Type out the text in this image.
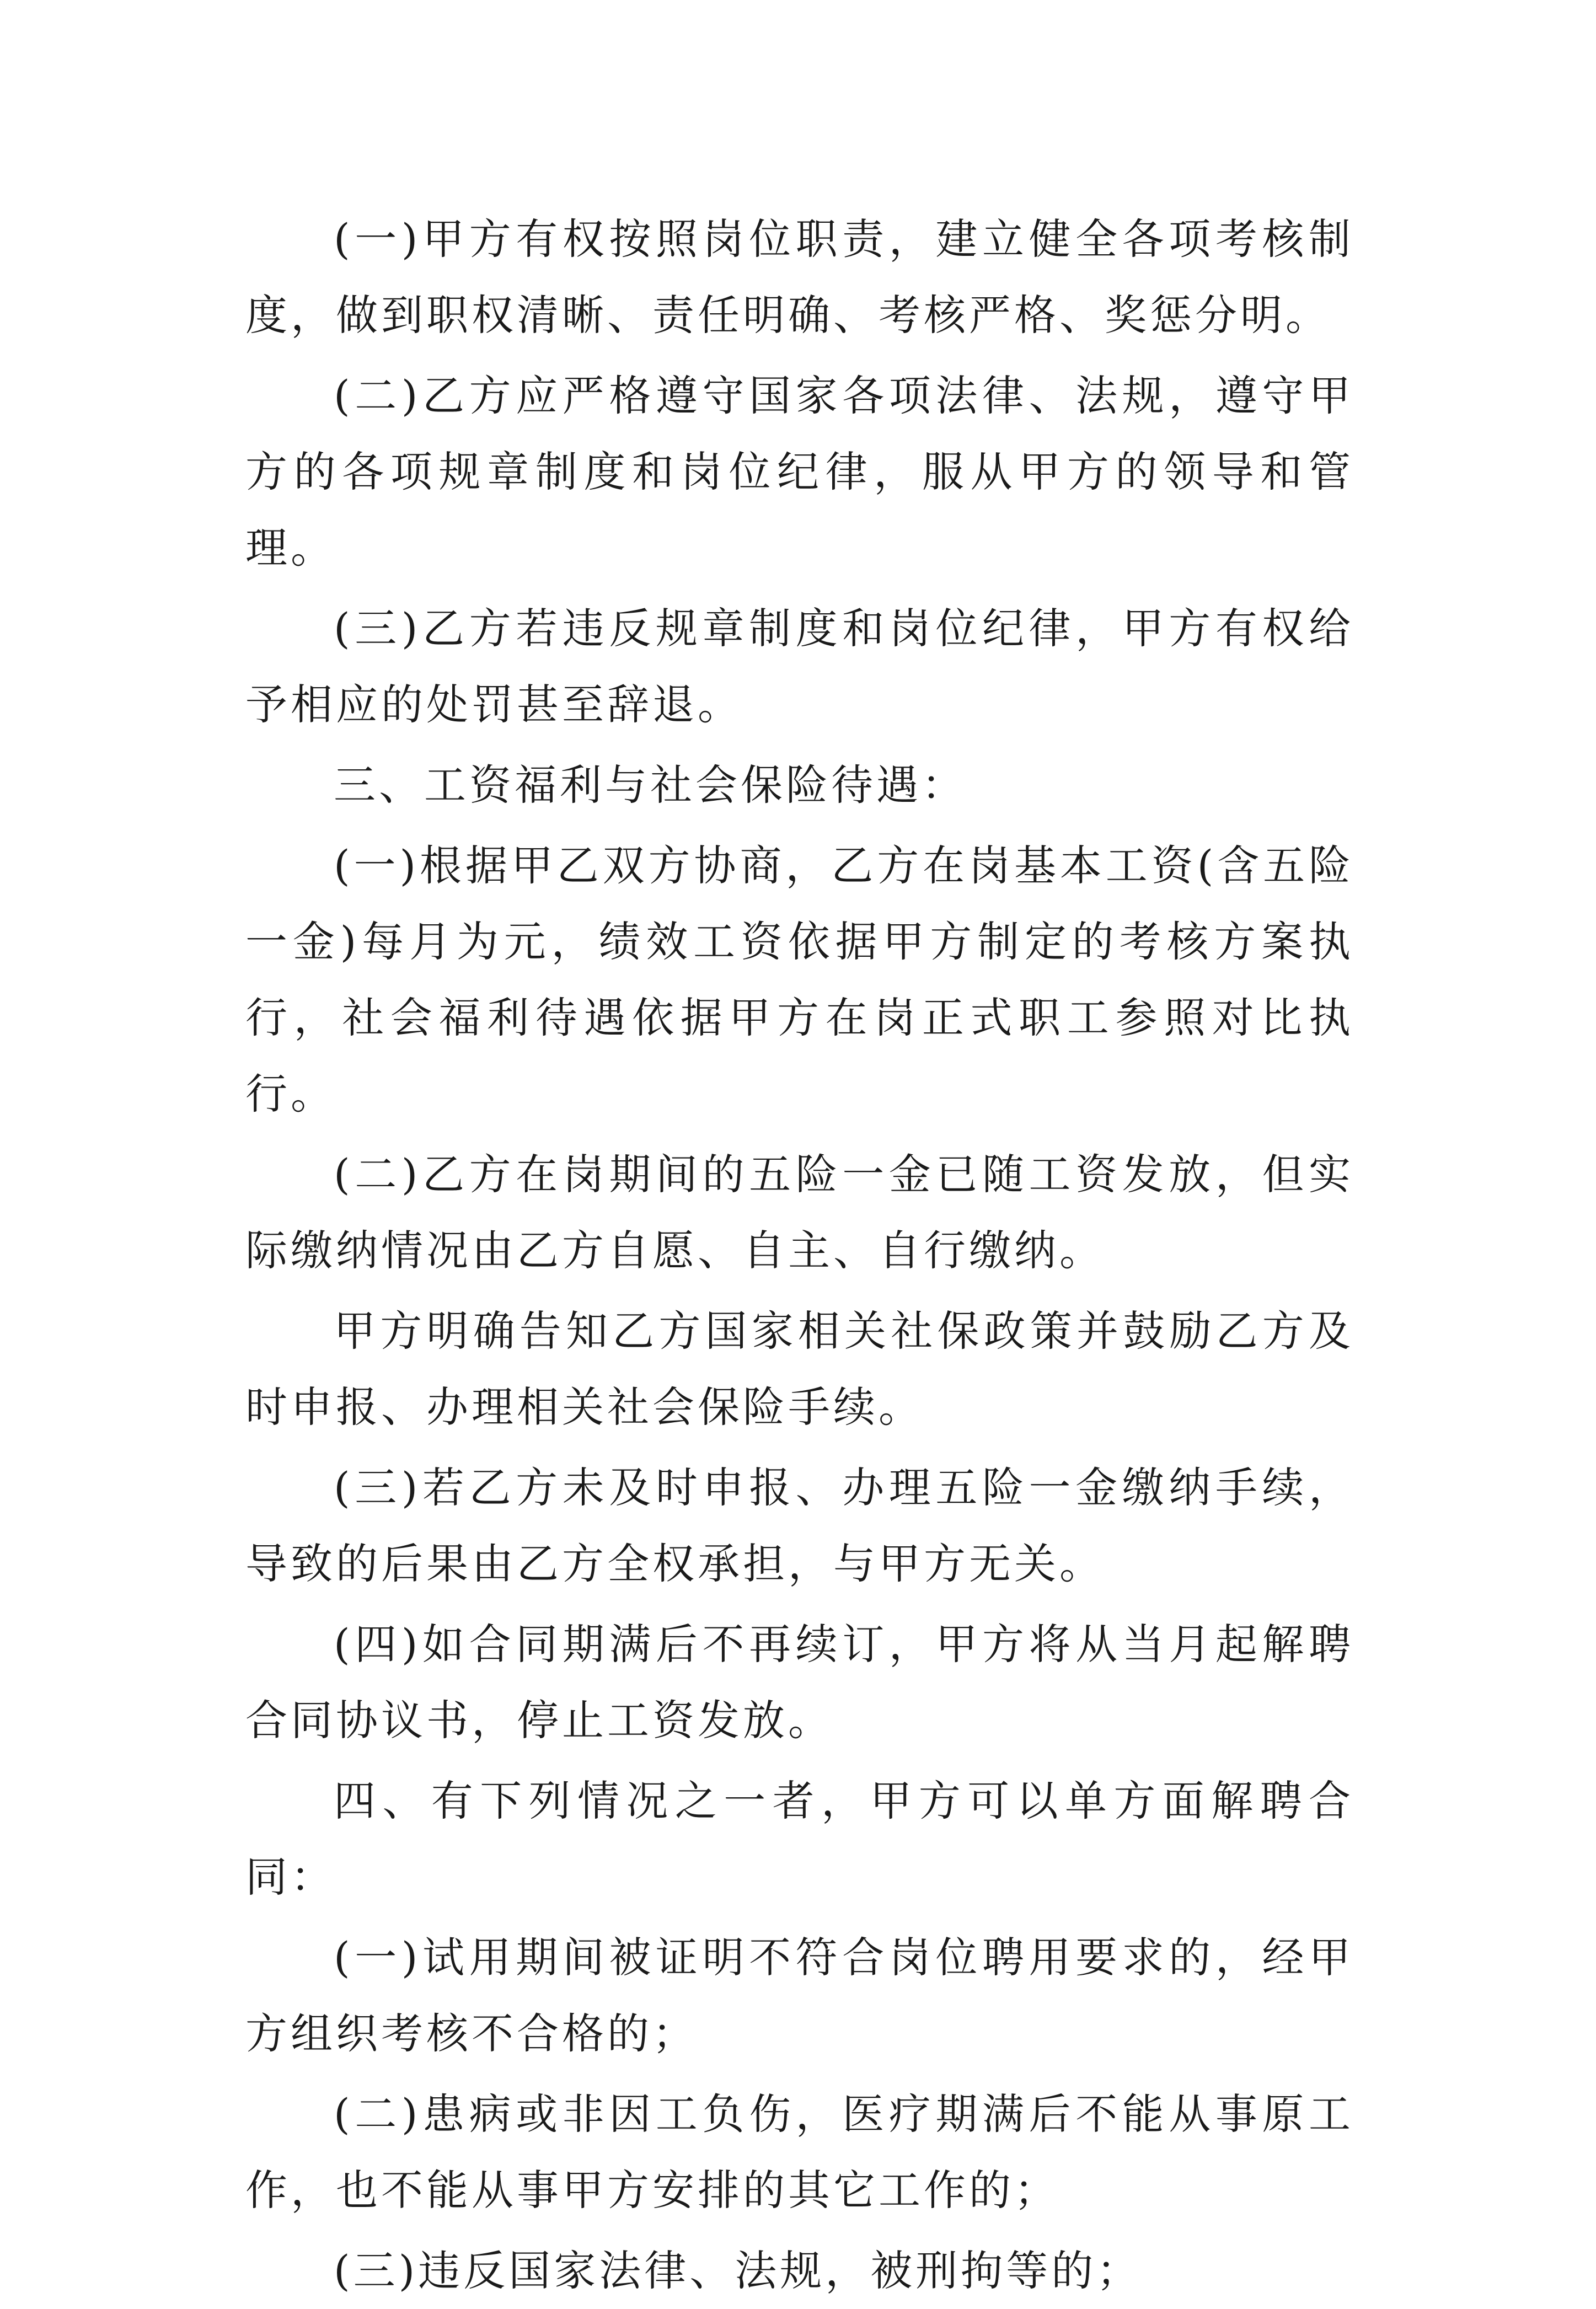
(一)甲方有权按照岗位职责，建立健全各项考核制度，做到职权清晰、责任明确、考核严格、奖惩分明。

(二)乙方应严格遵守国家各项法律、法规，遵守甲方的各项规章制度和岗位纪律，服从甲方的领导和管理。

(三)乙方若违反规章制度和岗位纪律，甲方有权给予相应的处罚甚至辞退。

三、工资福利与社会保险待遇：

(一)根据甲乙双方协商，乙方在岗基本工资(含五险一金)每月为元，绩效工资依据甲方制定的考核方案执行，社会福利待遇依据甲方在岗正式职工参照对比执行。

(二)乙方在岗期间的五险一金已随工资发放，但实际缴纳情况由乙方自愿、自主、自行缴纳。

甲方明确告知乙方国家相关社保政策并鼓励乙方及时申报、办理相关社会保险手续。

(三)若乙方未及时申报、办理五险一金缴纳手续，导致的后果由乙方全权承担，与甲方无关。

(四)如合同期满后不再续订，甲方将从当月起解聘合同协议书，停止工资发放。

四、有下列情况之一者，甲方可以单方面解聘合同：

(一)试用期间被证明不符合岗位聘用要求的，经甲方组织考核不合格的；

(二)患病或非因工负伤，医疗期满后不能从事原工作，也不能从事甲方安排的其它工作的；

(三)违反国家法律、法规，被刑拘等的；
